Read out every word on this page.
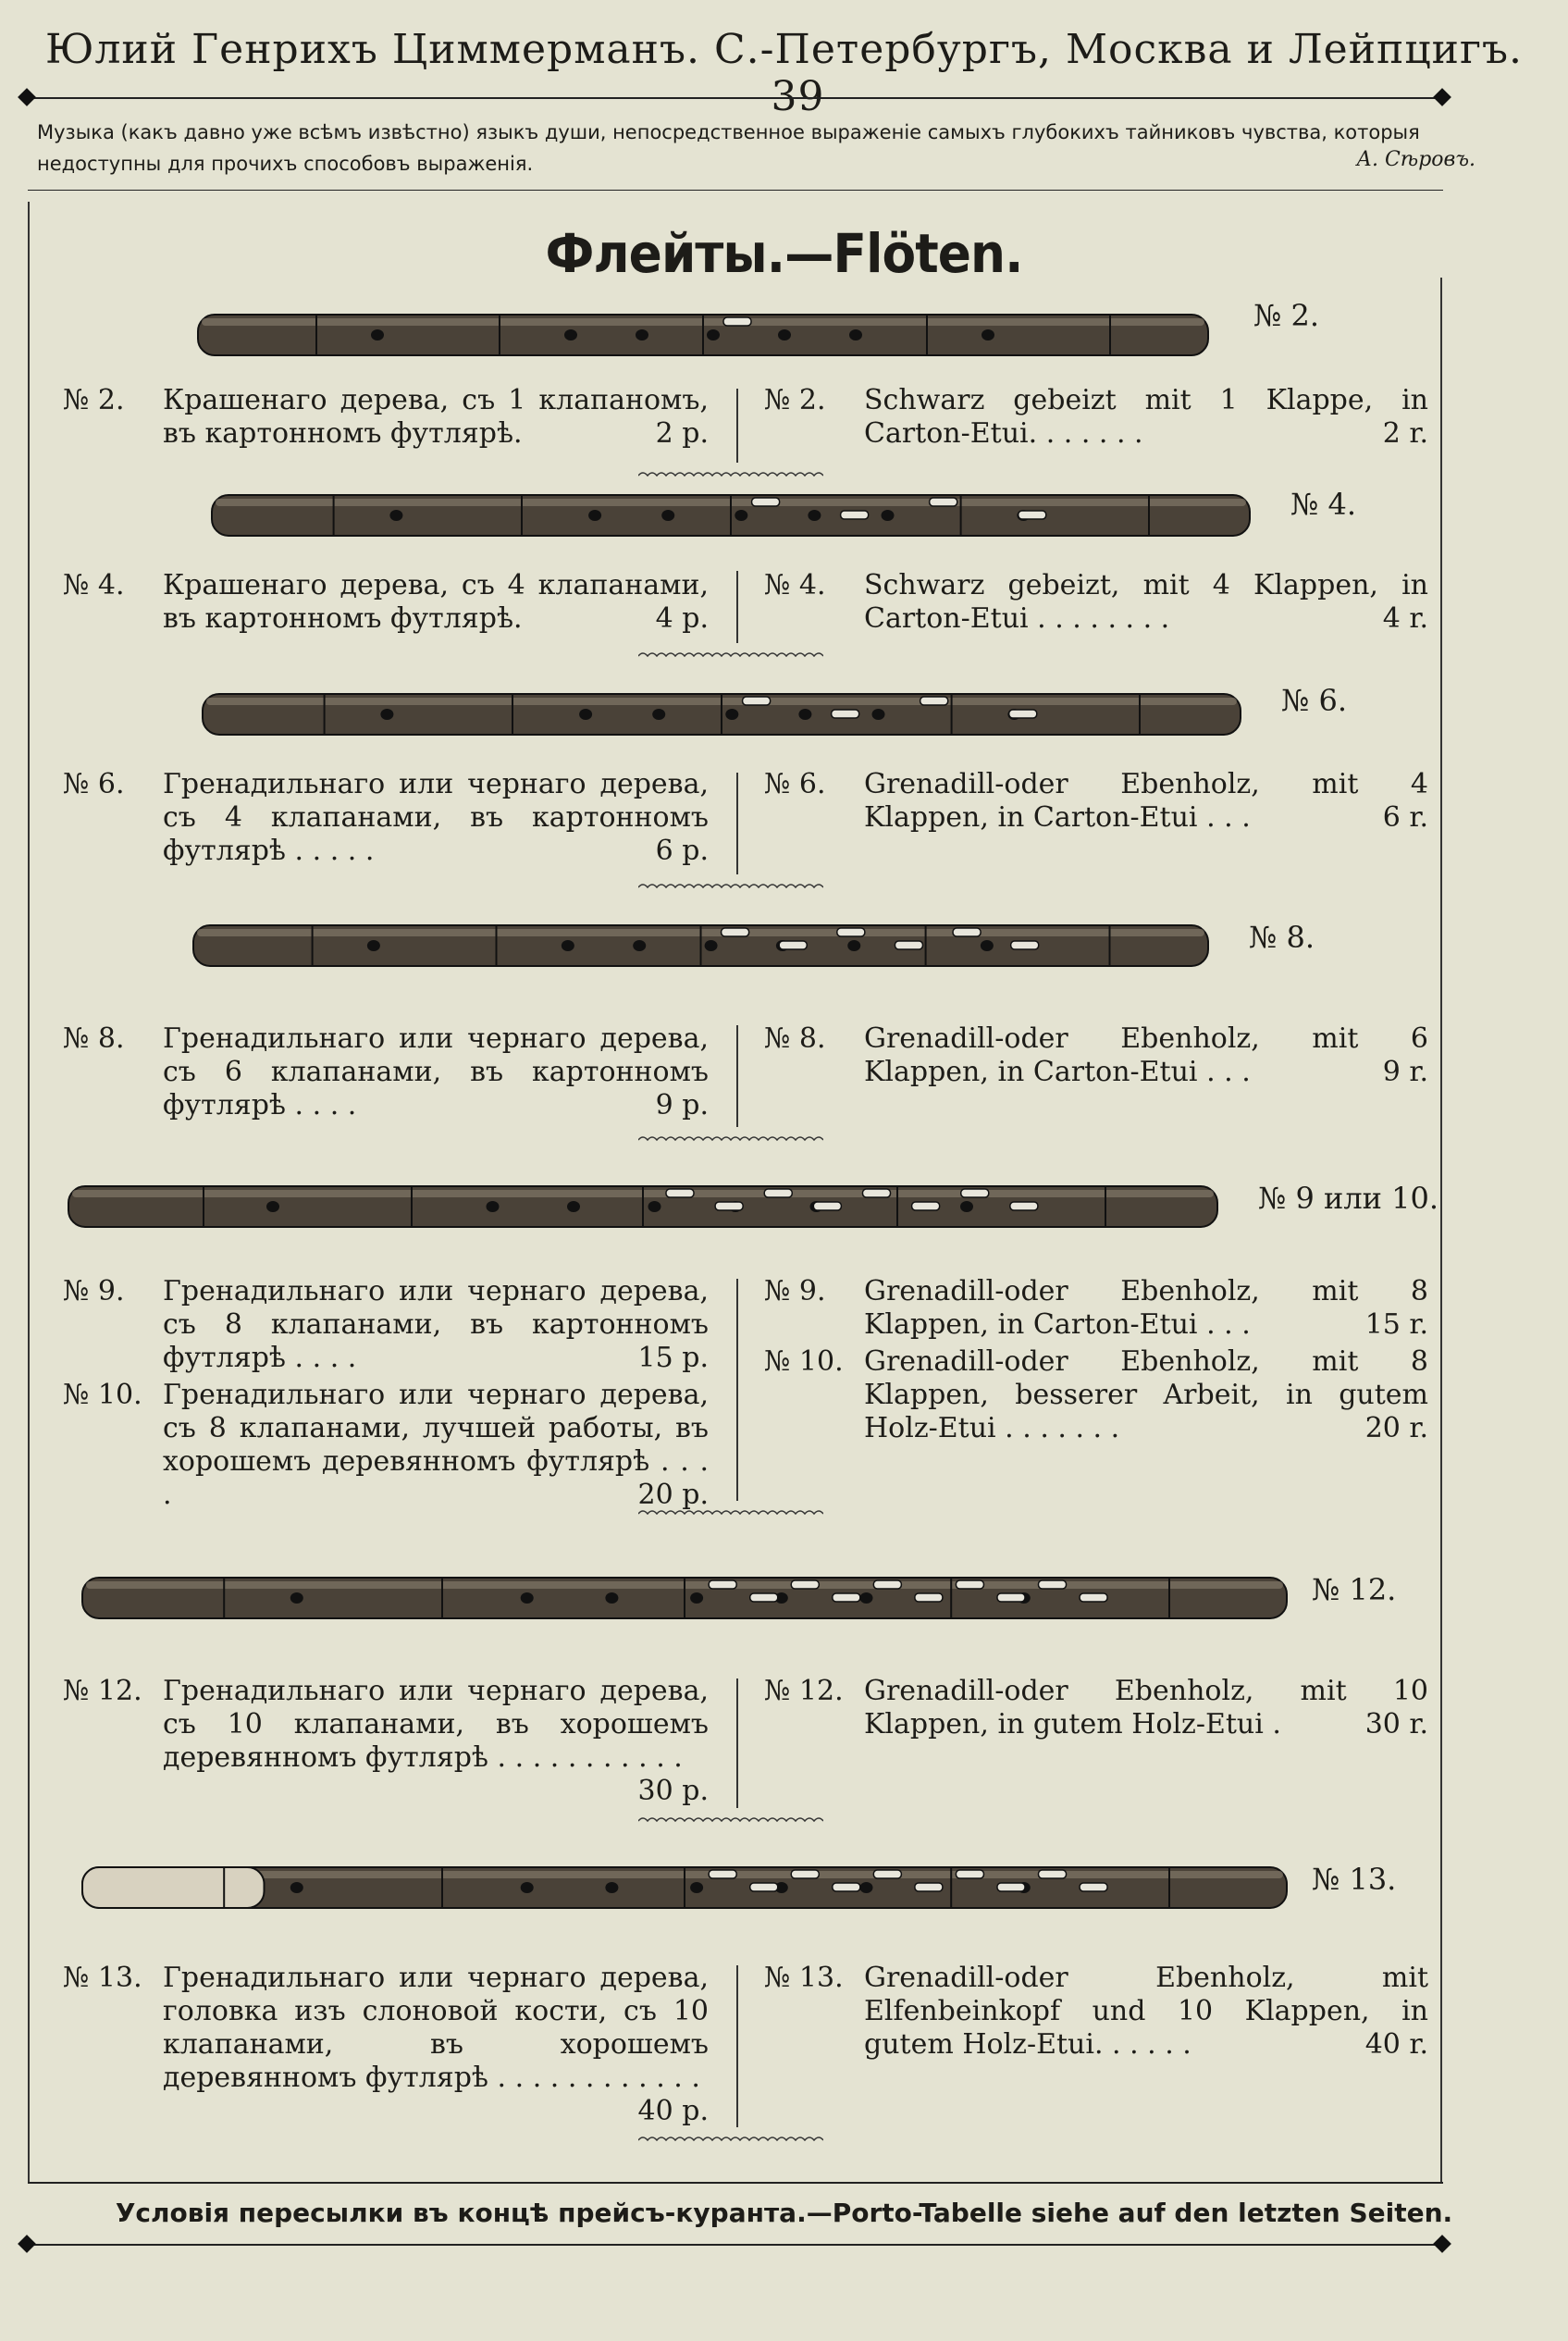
Юлий Генрихъ Циммерманъ. С.-Петербургъ, Москва и Лейпцигъ. 39
Музыка (какъ давно уже всѣмъ извѣстно) языкъ души, непосредственное выраженіе самыхъ глубокихъ тайниковъ чувства, которыя недоступны для прочихъ способовъ выраженія.	А. Сѣровъ.
Флейты.—Flöten.
Условія пересылки въ концѣ прейсъ-куранта.—Porto-Tabelle siehe auf den letzten Seiten.
№ 2.
№ 2. Крашенаго дерева, съ 1 клапаномъ, въ картонномъ футлярѣ.	2 р.
№ 2. Schwarz gebeizt mit 1 Klappe, in Carton-Etui. . . . . . .	2 r.
№ 4.
№ 4. Крашенаго дерева, съ 4 клапанами, въ картонномъ футлярѣ.	4 р.
№ 4. Schwarz gebeizt, mit 4 Klappen, in Carton-Etui . . . . . . . .	4 r.
№ 6.
№ 6. Гренадильнаго или чернаго дерева, съ 4 клапанами, въ картонномъ футлярѣ . . . . .	6 р.
№ 6. Grenadill-oder Ebenholz, mit 4 Klappen, in Carton-Etui . . .	6 r.
№ 8.
№ 8. Гренадильнаго или чернаго дерева, съ 6 клапанами, въ картонномъ футлярѣ . . . .	9 р.
№ 8. Grenadill-oder Ebenholz, mit 6 Klappen, in Carton-Etui . . .	9 r.
№ 9 или 10.
№ 9. Гренадильнаго или чернаго дерева, съ 8 клапанами, въ картонномъ футлярѣ . . . .	15 р.
№ 10. Гренадильнаго или чернаго дерева, съ 8 клапанами, лучшей работы, въ хорошемъ деревянномъ футлярѣ . . . .	20 р.
№ 9. Grenadill-oder Ebenholz, mit 8 Klappen, in Carton-Etui . . .	15 r.
№ 10. Grenadill-oder Ebenholz, mit 8 Klappen, besserer Arbeit, in gutem Holz-Etui . . . . . . .	20 r.
№ 12.
№ 12. Гренадильнаго или чернаго дерева, съ 10 клапанами, въ хорошемъ деревянномъ футлярѣ . . . . . . . . . . .
30 р.
№ 12. Grenadill-oder Ebenholz, mit 10 Klappen, in gutem Holz-Etui .	30 r.
№ 13.
№ 13. Гренадильнаго или чернаго дерева, головка изъ слоновой кости, съ 10 клапанами, въ хорошемъ деревянномъ футлярѣ . . . . . . . . . . . .
40 р.
№ 13. Grenadill-oder Ebenholz, mit Elfenbeinkopf und 10 Klappen, in gutem Holz-Etui. . . . . .	40 r.
